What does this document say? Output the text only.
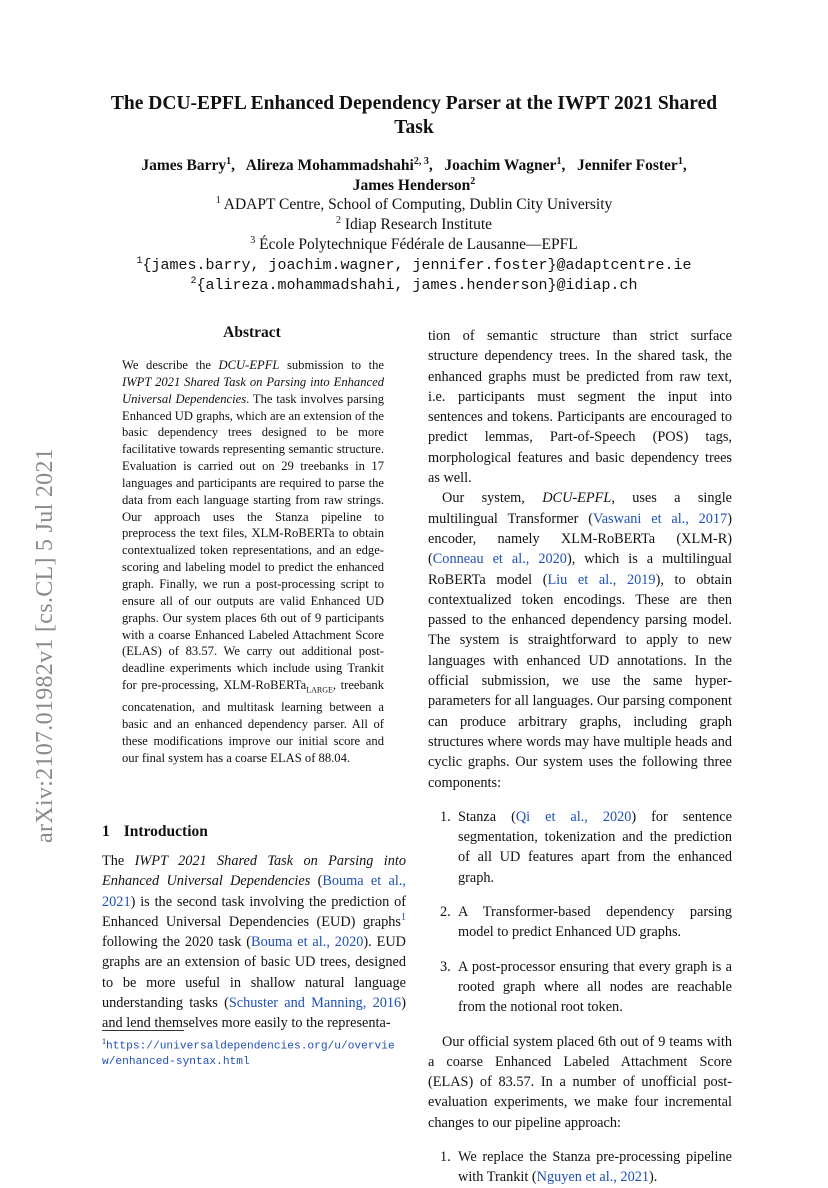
arXiv:2107.01982v1 [cs.CL] 5 Jul 2021
The DCU-EPFL Enhanced Dependency Parser at the IWPT 2021 Shared Task
James Barry$^1$,   Alireza Mohammadshahi$^{2, 3}$,   Joachim Wagner$^1$,   Jennifer Foster$^1$,
James Henderson$^2$
$^1$ ADAPT Centre, School of Computing, Dublin City University
$^2$ Idiap Research Institute
$^3$ École Polytechnique Fédérale de Lausanne—EPFL
$^1${james.barry, joachim.wagner, jennifer.foster}@adaptcentre.ie
$^2${alireza.mohammadshahi, james.henderson}@idiap.ch
Abstract
We describe the DCU-EPFL submission to the IWPT 2021 Shared Task on Parsing into Enhanced Universal Dependencies. The task involves parsing Enhanced UD graphs, which are an extension of the basic dependency trees designed to be more facilitative towards representing semantic structure. Evaluation is carried out on 29 treebanks in 17 languages and participants are required to parse the data from each language starting from raw strings. Our approach uses the Stanza pipeline to preprocess the text files, XLM-RoBERTa to obtain contextualized token representations, and an edge-scoring and labeling model to predict the enhanced graph. Finally, we run a post-processing script to ensure all of our outputs are valid Enhanced UD graphs. Our system places 6th out of 9 participants with a coarse Enhanced Labeled Attachment Score (ELAS) of 83.57. We carry out additional post-deadline experiments which include using Trankit for pre-processing, XLM-RoBERTa$_{LARGE}$, treebank concatenation, and multitask learning between a basic and an enhanced dependency parser. All of these modifications improve our initial score and our final system has a coarse ELAS of 88.04.
1 Introduction
The IWPT 2021 Shared Task on Parsing into Enhanced Universal Dependencies (Bouma et al., 2021) is the second task involving the prediction of Enhanced Universal Dependencies (EUD) graphs$^1$ following the 2020 task (Bouma et al., 2020). EUD graphs are an extension of basic UD trees, designed to be more useful in shallow natural language understanding tasks (Schuster and Manning, 2016) and lend themselves more easily to the representa-
$^1$https://universaldependencies.org/u/overview/enhanced-syntax.html

tion of semantic structure than strict surface structure dependency trees. In the shared task, the enhanced graphs must be predicted from raw text, i.e. participants must segment the input into sentences and tokens. Participants are encouraged to predict lemmas, Part-of-Speech (POS) tags, morphological features and basic dependency trees as well.

Our system, DCU-EPFL, uses a single multilingual Transformer (Vaswani et al., 2017) encoder, namely XLM-RoBERTa (XLM-R) (Conneau et al., 2020), which is a multilingual RoBERTa model (Liu et al., 2019), to obtain contextualized token encodings. These are then passed to the enhanced dependency parsing model. The system is straightforward to apply to new languages with enhanced UD annotations. In the official submission, we use the same hyper-parameters for all languages. Our parsing component can produce arbitrary graphs, including graph structures where words may have multiple heads and cyclic graphs. Our system uses the following three components:

1. Stanza (Qi et al., 2020) for sentence segmentation, tokenization and the prediction of all UD features apart from the enhanced graph.

2. A Transformer-based dependency parsing model to predict Enhanced UD graphs.

3. A post-processor ensuring that every graph is a rooted graph where all nodes are reachable from the notional root token.

Our official system placed 6th out of 9 teams with a coarse Enhanced Labeled Attachment Score (ELAS) of 83.57. In a number of unofficial post-evaluation experiments, we make four incremental changes to our pipeline approach:

1. We replace the Stanza pre-processing pipeline with Trankit (Nguyen et al., 2021).
